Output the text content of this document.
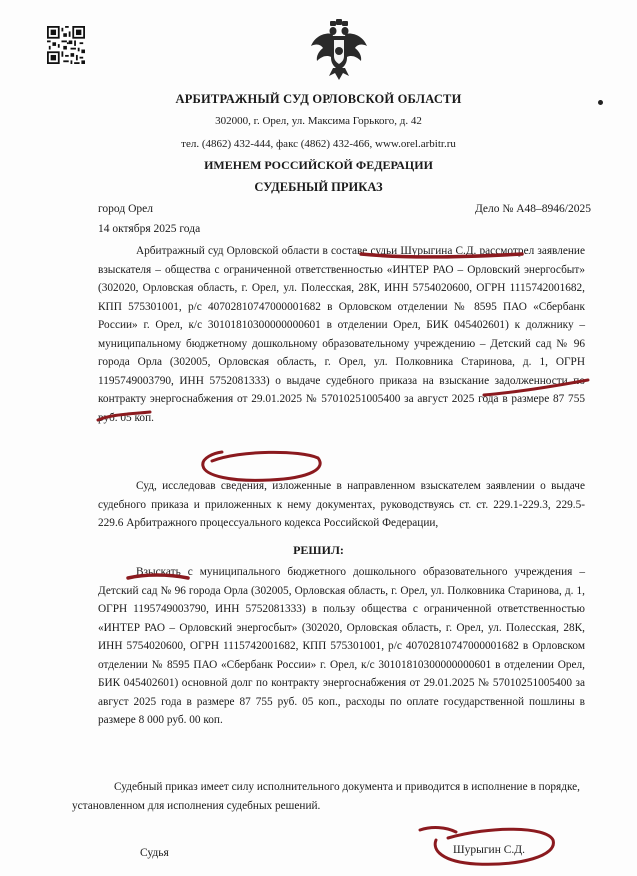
АРБИТРАЖНЫЙ СУД ОРЛОВСКОЙ ОБЛАСТИ
302000, г. Орел, ул. Максима Горького, д. 42
тел. (4862) 432-444, факс (4862) 432-466, www.orel.arbitr.ru
ИМЕНЕМ РОССИЙСКОЙ ФЕДЕРАЦИИ
СУДЕБНЫЙ ПРИКАЗ
город Орел	Дело № А48–8946/2025
14 октября 2025 года
Арбитражный суд Орловской области в составе судьи Шурыгина С.Д. рассмотрел заявление взыскателя – общества с ограниченной ответственностью «ИНТЕР РАО – Орловский энергосбыт» (302020, Орловская область, г. Орел, ул. Полесская, 28К, ИНН 5754020600, ОГРН 1115742001682, КПП 575301001, р/с 40702810747000001682 в Орловском отделении № 8595 ПАО «Сбербанк России» г. Орел, к/с 30101810300000000601 в отделении Орел, БИК 045402601) к должнику – муниципальному бюджетному дошкольному образовательному учреждению – Детский сад № 96 города Орла (302005, Орловская область, г. Орел, ул. Полковника Старинова, д. 1, ОГРН 1195749003790, ИНН 5752081333) о выдаче судебного приказа на взыскание задолженности по контракту энергоснабжения от 29.01.2025 № 57010251005400 за август 2025 года в размере 87 755 руб. 05 коп.
Суд, исследовав сведения, изложенные в направленном взыскателем заявлении о выдаче судебного приказа и приложенных к нему документах, руководствуясь ст. ст. 229.1-229.3, 229.5-229.6 Арбитражного процессуального кодекса Российской Федерации,
РЕШИЛ:
Взыскать с муниципального бюджетного дошкольного образовательного учреждения – Детский сад № 96 города Орла (302005, Орловская область, г. Орел, ул. Полковника Старинова, д. 1, ОГРН 1195749003790, ИНН 5752081333) в пользу общества с ограниченной ответственностью «ИНТЕР РАО – Орловский энергосбыт» (302020, Орловская область, г. Орел, ул. Полесская, 28К, ИНН 5754020600, ОГРН 1115742001682, КПП 575301001, р/с 40702810747000001682 в Орловском отделении № 8595 ПАО «Сбербанк России» г. Орел, к/с 30101810300000000601 в отделении Орел, БИК 045402601) основной долг по контракту энергоснабжения от 29.01.2025 № 57010251005400 за август 2025 года в размере 87 755 руб. 05 коп., расходы по оплате государственной пошлины в размере 8 000 руб. 00 коп.
Судебный приказ имеет силу исполнительного документа и приводится в исполнение в порядке, установленном для исполнения судебных решений.
Судья	Шурыгин С.Д.
